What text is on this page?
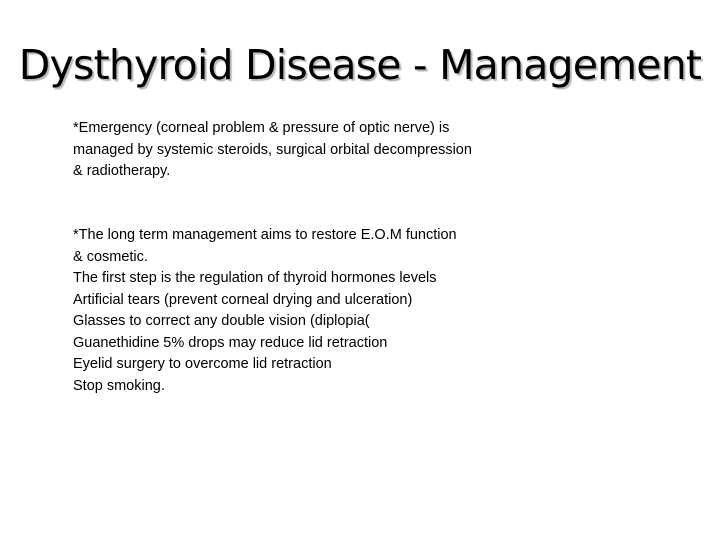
Dysthyroid Disease - Management
*Emergency (corneal problem & pressure of optic nerve) is
managed by systemic steroids, surgical orbital decompression
& radiotherapy.
*The long term management aims to restore E.O.M function
& cosmetic.
The first step is the regulation of thyroid hormones levels
Artificial tears (prevent corneal drying and ulceration)
Glasses to correct any double vision (diplopia(
Guanethidine 5% drops may reduce lid retraction
Eyelid surgery to overcome lid retraction
Stop smoking.
